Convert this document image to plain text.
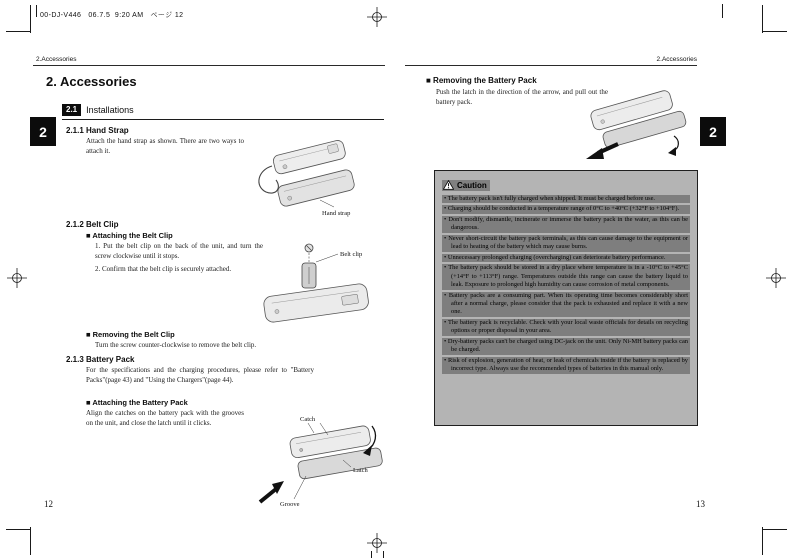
00-DJ-V446   06.7.5  9:20 AM   ページ 12
2.Accessories
2. Accessories
2
2.1	Installations
2.1.1 Hand Strap
Attach the hand strap as shown. There are two ways to attach it.
Hand strap
2.1.2 Belt Clip
■ Attaching the Belt Clip
1. Put the belt clip on the back of the unit, and turn the screw clockwise until it stops.
2. Confirm that the belt clip is securely attached.
Belt clip
■ Removing the Belt Clip
Turn the screw counter-clockwise to remove the belt clip.
2.1.3 Battery Pack
For the specifications and the charging procedures, please refer to "Battery Packs"(page 43) and "Using the Chargers"(page 44).
■ Attaching the Battery Pack
Align the catches on the battery pack with the grooves on the unit, and close the latch until it clicks.	Catch
Latch
Groove
12
2.Accessories
■ Removing the Battery Pack
Push the latch in the direction of the arrow, and pull out the battery pack.
2
Caution
• The battery pack isn't fully charged when shipped. It must be charged before use.
• Charging should be conducted in a temperature range of 0°C to +40°C (+32°F to +104°F).
• Don't modify, dismantle, incinerate or immerse the battery pack in the water, as this can be dangerous.
• Never short-circuit the battery pack terminals, as this can cause damage to the equipment or lead to heating of the battery which may cause burns.
• Unnecessary prolonged charging (overcharging) can deteriorate battery performance.
• The battery pack should be stored in a dry place where temperature is in a -10°C to +45°C (+14°F to +113°F) range. Temperatures outside this range can cause the battery liquid to leak. Exposure to prolonged high humidity can cause corrosion of metal components.
• Battery packs are a consuming part. When its operating time becomes considerably short after a normal charge, please consider that the pack is exhausted and replace it with a new one.
• The battery pack is recyclable. Check with your local waste officials for details on recycling options or proper disposal in your area.
• Dry-battery packs can't be charged using DC-jack on the unit. Only Ni-MH battery packs can be charged.
• Risk of explosion, generation of heat, or leak of chemicals inside if the battery is replaced by incorrect type. Always use the recommended types of batteries in this manual only.
13
